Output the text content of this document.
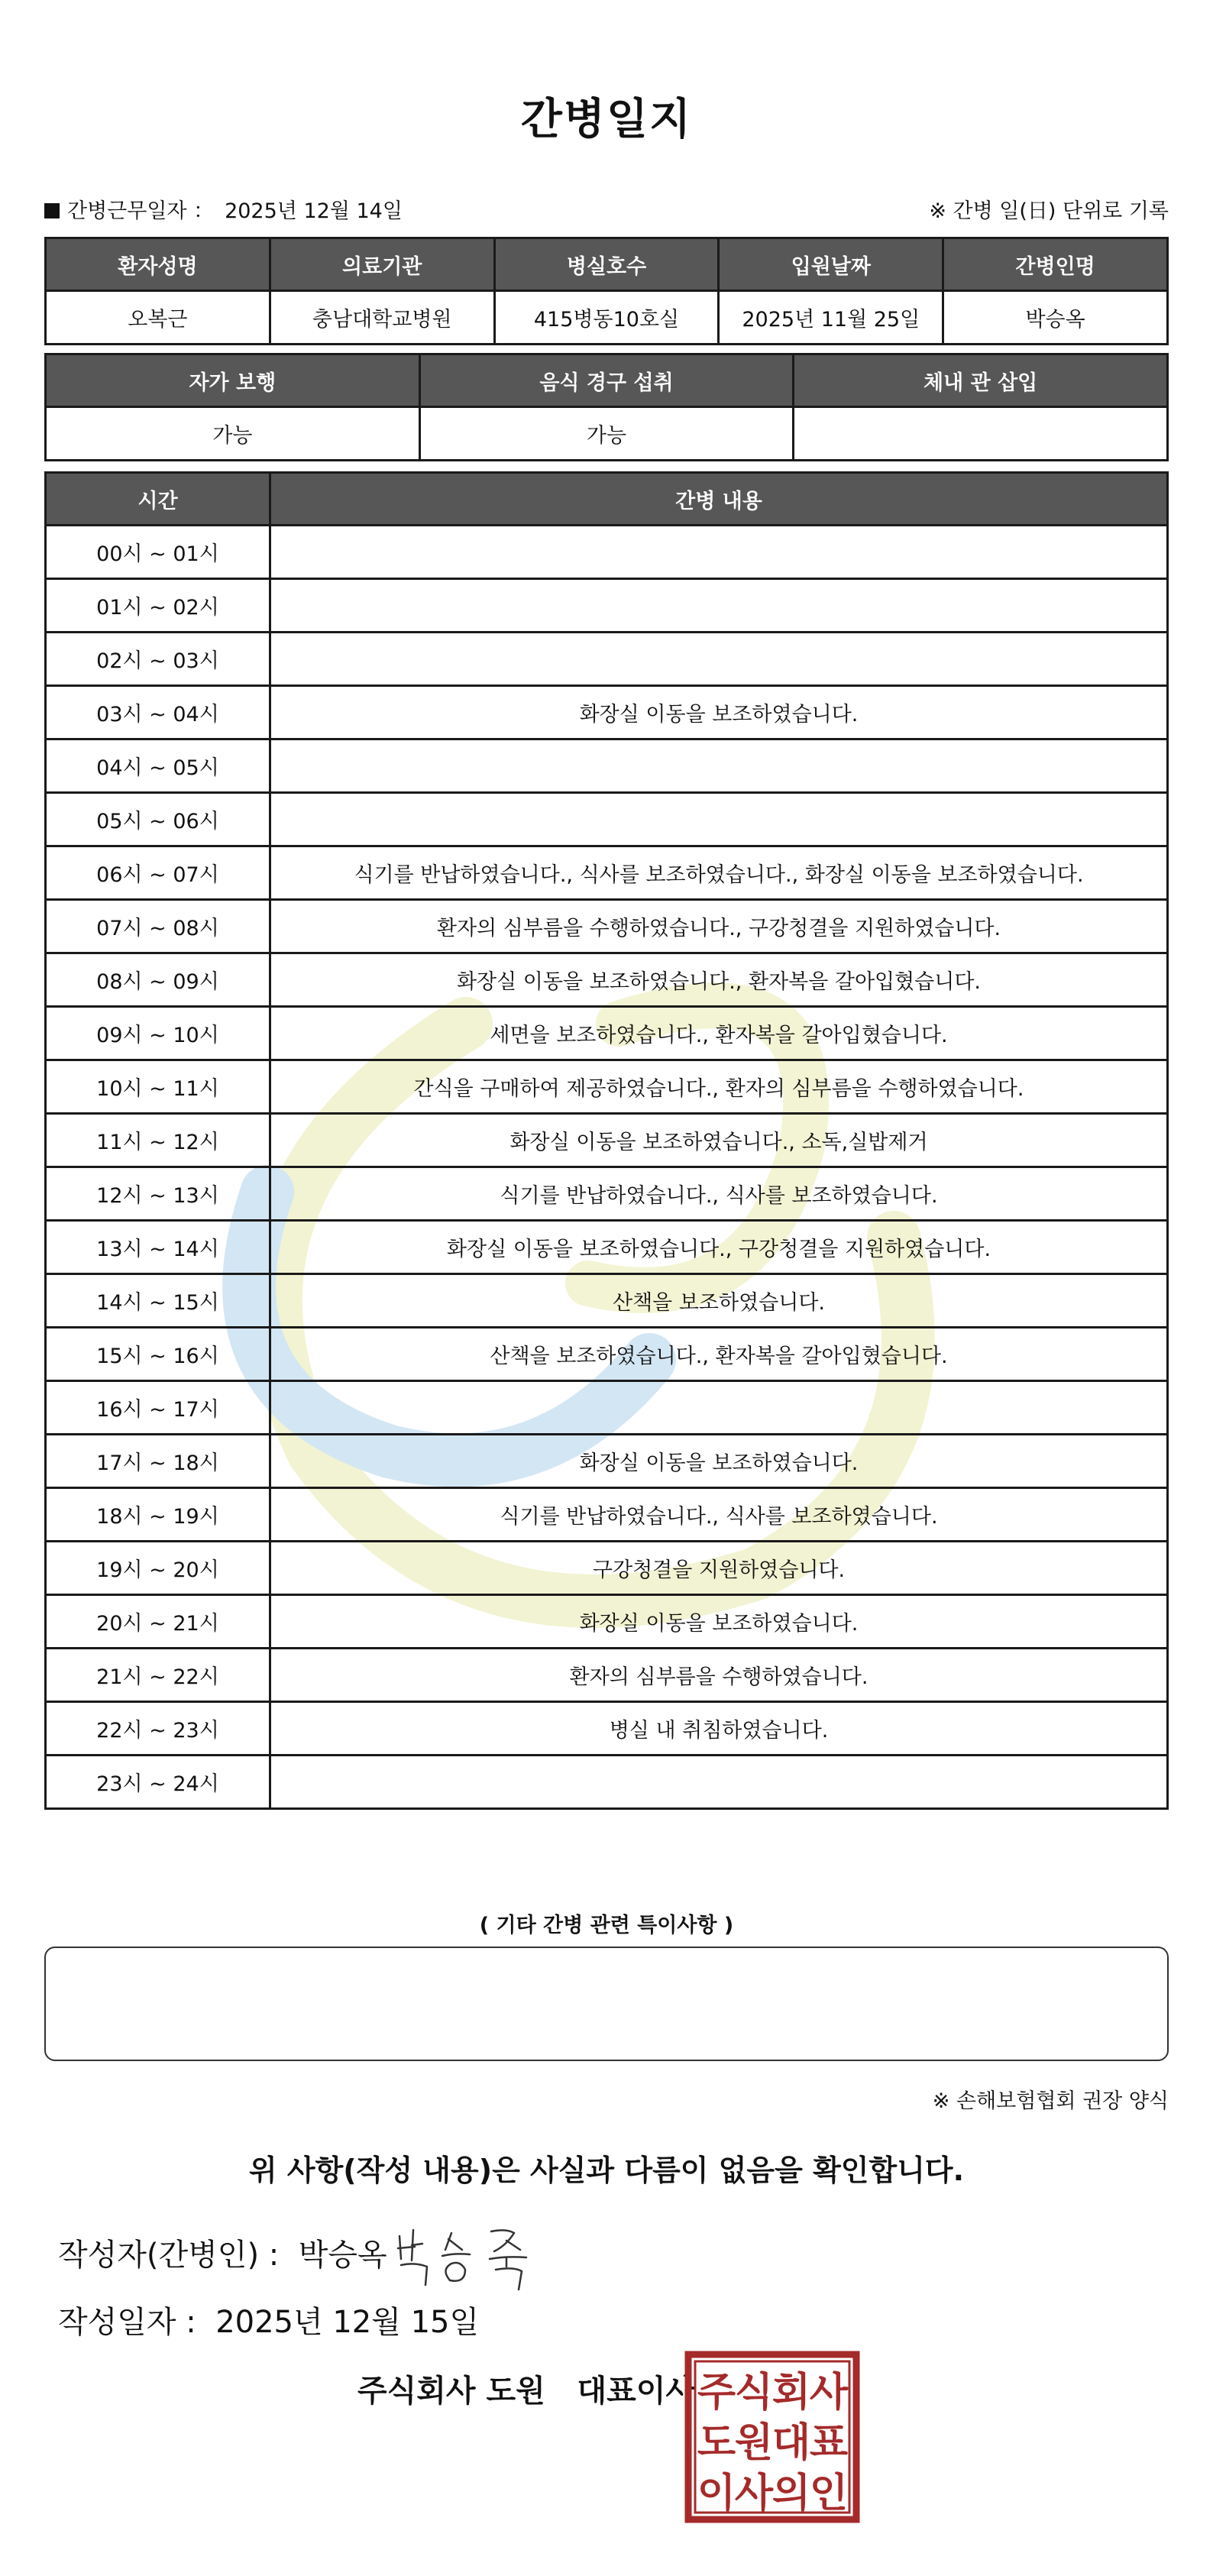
간병일지
간병근무일자 ： 2025년 12월 14일	※ 간병 일(日) 단위로 기록
환자성명	의료기관	병실호수	입원날짜	간병인명
오복근	충남대학교병원	415병동10호실	2025년 11월 25일	박승옥
자가 보행	음식 경구 섭취	체내 관 삽입
가능	가능	
시간	간병 내용
00시 ~ 01시	
01시 ~ 02시	
02시 ~ 03시	
03시 ~ 04시	화장실 이동을 보조하였습니다.
04시 ~ 05시	
05시 ~ 06시	
06시 ~ 07시	식기를 반납하였습니다., 식사를 보조하였습니다., 화장실 이동을 보조하였습니다.
07시 ~ 08시	환자의 심부름을 수행하였습니다., 구강청결을 지원하였습니다.
08시 ~ 09시	화장실 이동을 보조하였습니다., 환자복을 갈아입혔습니다.
09시 ~ 10시	세면을 보조하였습니다., 환자복을 갈아입혔습니다.
10시 ~ 11시	간식을 구매하여 제공하였습니다., 환자의 심부름을 수행하였습니다.
11시 ~ 12시	화장실 이동을 보조하였습니다., 소독,실밥제거
12시 ~ 13시	식기를 반납하였습니다., 식사를 보조하였습니다.
13시 ~ 14시	화장실 이동을 보조하였습니다., 구강청결을 지원하였습니다.
14시 ~ 15시	산책을 보조하였습니다.
15시 ~ 16시	산책을 보조하였습니다., 환자복을 갈아입혔습니다.
16시 ~ 17시	
17시 ~ 18시	화장실 이동을 보조하였습니다.
18시 ~ 19시	식기를 반납하였습니다., 식사를 보조하였습니다.
19시 ~ 20시	구강청결을 지원하였습니다.
20시 ~ 21시	화장실 이동을 보조하였습니다.
21시 ~ 22시	환자의 심부름을 수행하였습니다.
22시 ~ 23시	병실 내 취침하였습니다.
23시 ~ 24시	
( 기타 간병 관련 특이사항 )
※ 손해보험협회 권장 양식
위 사항(작성 내용)은 사실과 다름이 없음을 확인합니다.
작성자(간병인) : 박승옥
작성일자 : 2025년 12월 15일
주식회사 도원 대표이사 주
식
회
사
도
원
대
표
이
사
의
인
